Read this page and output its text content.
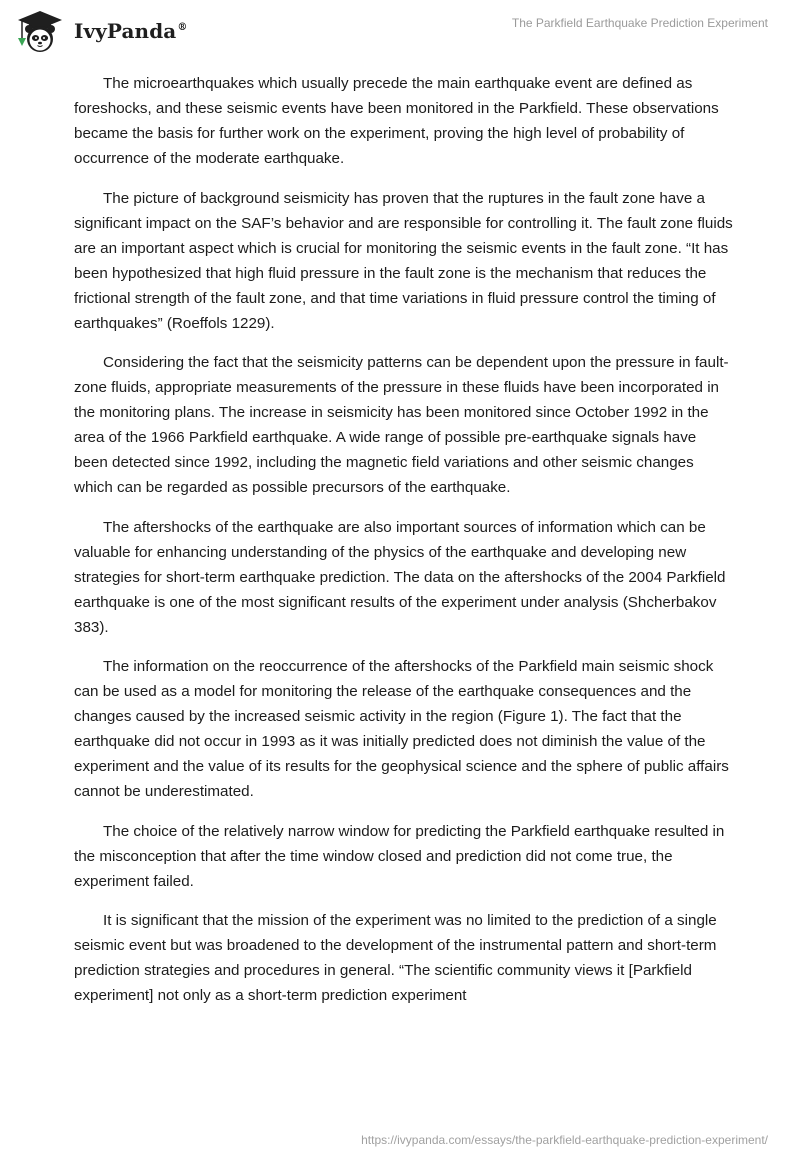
IvyPanda®	The Parkfield Earthquake Prediction Experiment

The microearthquakes which usually precede the main earthquake event are defined as foreshocks, and these seismic events have been monitored in the Parkfield. These observations became the basis for further work on the experiment, proving the high level of probability of occurrence of the moderate earthquake.

The picture of background seismicity has proven that the ruptures in the fault zone have a significant impact on the SAF’s behavior and are responsible for controlling it. The fault zone fluids are an important aspect which is crucial for monitoring the seismic events in the fault zone. “It has been hypothesized that high fluid pressure in the fault zone is the mechanism that reduces the frictional strength of the fault zone, and that time variations in fluid pressure control the timing of earthquakes” (Roeffols 1229).

Considering the fact that the seismicity patterns can be dependent upon the pressure in fault-zone fluids, appropriate measurements of the pressure in these fluids have been incorporated in the monitoring plans. The increase in seismicity has been monitored since October 1992 in the area of the 1966 Parkfield earthquake. A wide range of possible pre-earthquake signals have been detected since 1992, including the magnetic field variations and other seismic changes which can be regarded as possible precursors of the earthquake.

The aftershocks of the earthquake are also important sources of information which can be valuable for enhancing understanding of the physics of the earthquake and developing new strategies for short-term earthquake prediction. The data on the aftershocks of the 2004 Parkfield earthquake is one of the most significant results of the experiment under analysis (Shcherbakov 383).

The information on the reoccurrence of the aftershocks of the Parkfield main seismic shock can be used as a model for monitoring the release of the earthquake consequences and the changes caused by the increased seismic activity in the region (Figure 1). The fact that the earthquake did not occur in 1993 as it was initially predicted does not diminish the value of the experiment and the value of its results for the geophysical science and the sphere of public affairs cannot be underestimated.

The choice of the relatively narrow window for predicting the Parkfield earthquake resulted in the misconception that after the time window closed and prediction did not come true, the experiment failed.

It is significant that the mission of the experiment was no limited to the prediction of a single seismic event but was broadened to the development of the instrumental pattern and short-term prediction strategies and procedures in general. “The scientific community views it [Parkfield experiment] not only as a short-term prediction experiment

https://ivypanda.com/essays/the-parkfield-earthquake-prediction-experiment/
